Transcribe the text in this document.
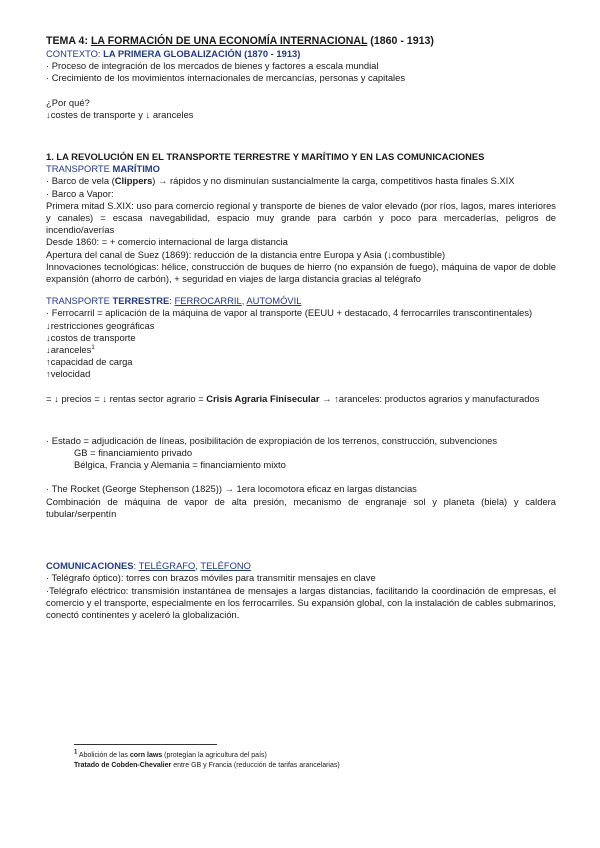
TEMA 4: LA FORMACIÓN DE UNA ECONOMÍA INTERNACIONAL (1860 - 1913)
CONTEXTO: LA PRIMERA GLOBALIZACIÓN (1870 - 1913)
· Proceso de integración de los mercados de bienes y factores a escala mundial
· Crecimiento de los movimientos internacionales de mercancías, personas y capitales
¿Por qué?
↓costes de transporte y ↓ aranceles
1. LA REVOLUCIÓN EN EL TRANSPORTE TERRESTRE Y MARÍTIMO Y EN LAS COMUNICACIONES
TRANSPORTE MARÍTIMO
· Barco de vela (Clippers) → rápidos y no disminuían sustancialmente la carga, competitivos hasta finales S.XIX
· Barco a Vapor:
Primera mitad S.XIX: uso para comercio regional y transporte de bienes de valor elevado (por ríos, lagos, mares interiores y canales) = escasa navegabilidad, espacio muy grande para carbón y poco para mercaderías, peligros de incendio/averías
Desde 1860: = + comercio internacional de larga distancia
Apertura del canal de Suez (1869): reducción de la distancia entre Europa y Asia (↓combustible)
Innovaciones tecnológicas: hélice, construcción de buques de hierro (no expansión de fuego), máquina de vapor de doble expansión (ahorro de carbón), + seguridad en viajes de larga distancia gracias al telégrafo
TRANSPORTE TERRESTRE: FERROCARRIL, AUTOMÓVIL
· Ferrocarril = aplicación de la máquina de vapor al transporte (EEUU + destacado, 4 ferrocarriles transcontinentales)
↓restricciones geográficas
↓costos de transporte
↓aranceles$^1$
↑capacidad de carga
↑velocidad
= ↓ precios = ↓ rentas sector agrario = Crisis Agraria Finisecular → ↑aranceles: productos agrarios y manufacturados
· Estado = adjudicación de líneas, posibilitación de expropiación de los terrenos, construcción, subvenciones
GB = financiamiento privado
Bélgica, Francia y Alemania = financiamiento mixto
· The Rocket (George Stephenson (1825)) → 1era locomotora eficaz en largas distancias
Combinación de máquina de vapor de alta presión, mecanismo de engranaje sol y planeta (biela) y caldera tubular/serpentín
COMUNICACIONES: TELÉGRAFO, TELÉFONO
· Telégrafo óptico): torres con brazos móviles para transmitir mensajes en clave
·Telégrafo eléctrico: transmisión instantánea de mensajes a largas distancias, facilitando la coordinación de empresas, el comercio y el transporte, especialmente en los ferrocarriles. Su expansión global, con la instalación de cables submarinos, conectó continentes y aceleró la globalización.
$^1$ Abolición de las corn laws (protegían la agricultura del país)
Tratado de Cobden-Chevalier entre GB y Francia (reducción de tarifas arancelarias)
